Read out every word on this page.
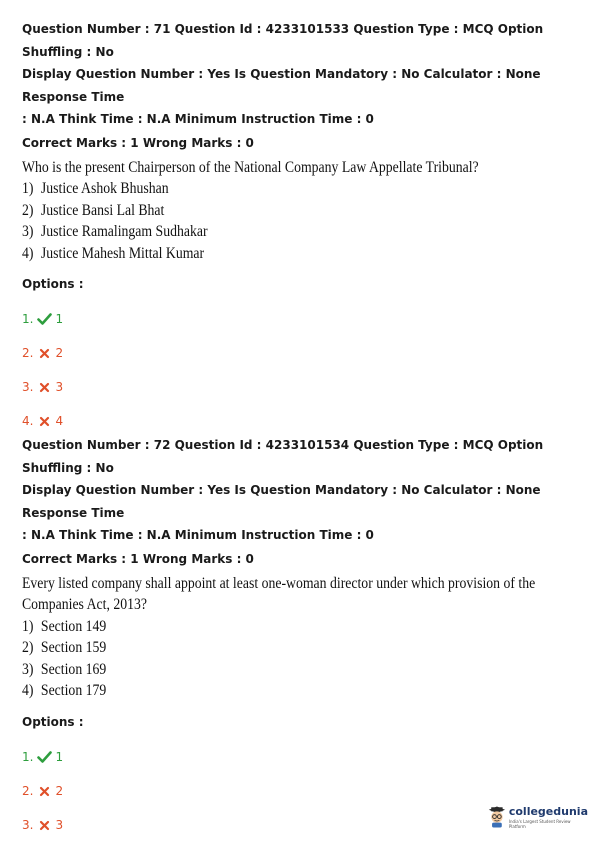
Question Number : 71 Question Id : 4233101533 Question Type : MCQ Option Shuffling : No

Display Question Number : Yes Is Question Mandatory : No Calculator : None Response Time

: N.A Think Time : N.A Minimum Instruction Time : 0

Correct Marks : 1 Wrong Marks : 0

Who is the present Chairperson of the National Company Law Appellate Tribunal?
1) Justice Ashok Bhushan
2) Justice Bansi Lal Bhat
3) Justice Ramalingam Sudhakar
4) Justice Mahesh Mittal Kumar
Options :
1. 1
2. 2
3. 3
4. 4

Question Number : 72 Question Id : 4233101534 Question Type : MCQ Option Shuffling : No

Display Question Number : Yes Is Question Mandatory : No Calculator : None Response Time

: N.A Think Time : N.A Minimum Instruction Time : 0

Correct Marks : 1 Wrong Marks : 0

Every listed company shall appoint at least one-woman director under which provision of the
Companies Act, 2013?
1) Section 149
2) Section 159
3) Section 169
4) Section 179
Options :
1. 1
2. 2
3. 3
collegedunia
India's Largest Student Review Platform
